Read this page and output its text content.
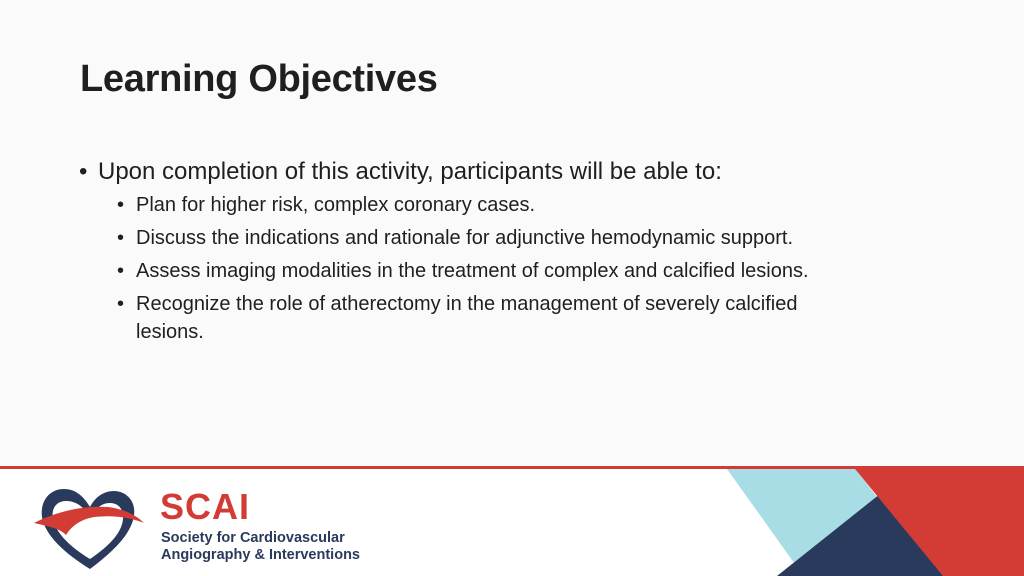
Learning Objectives
• Upon completion of this activity, participants will be able to:
• Plan for higher risk, complex coronary cases.
• Discuss the indications and rationale for adjunctive hemodynamic support.
• Assess imaging modalities in the treatment of complex and calcified lesions.
• Recognize the role of atherectomy in the management of severely calcified
lesions.
SCAI
Society for Cardiovascular
Angiography & Interventions
